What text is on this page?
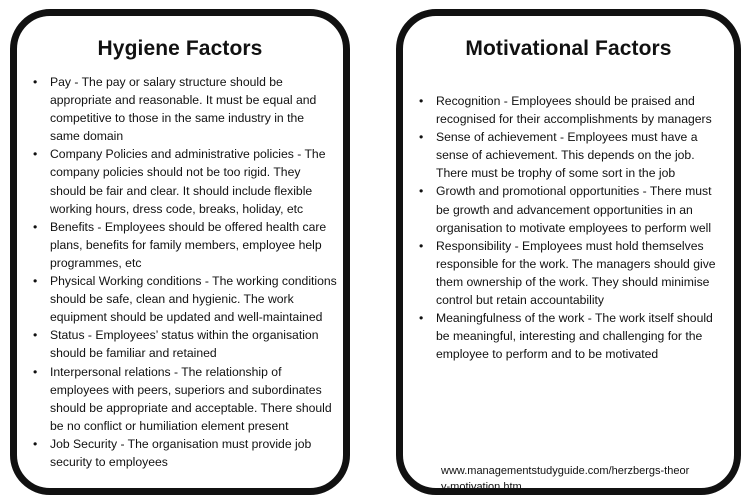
Hygiene Factors
• Pay - The pay or salary structure should be appropriate and reasonable. It must be equal and competitive to those in the same industry in the same domain
• Company Policies and administrative policies - The company policies should not be too rigid. They should be fair and clear. It should include flexible working hours, dress code, breaks, holiday, etc
• Benefits - Employees should be offered health care plans, benefits for family members, employee help programmes, etc
• Physical Working conditions - The working conditions should be safe, clean and hygienic. The work equipment should be updated and well-maintained
• Status - Employees’ status within the organisation should be familiar and retained
• Interpersonal relations - The relationship of employees with peers, superiors and subordinates should be appropriate and acceptable. There should be no conflict or humiliation element present
• Job Security - The organisation must provide job security to employees
Motivational Factors
• Recognition - Employees should be praised and recognised for their accomplishments by managers
• Sense of achievement - Employees must have a sense of achievement. This depends on the job. There must be trophy of some sort in the job
• Growth and promotional opportunities - There must be growth and advancement opportunities in an organisation to motivate employees to perform well
• Responsibility - Employees must hold themselves responsible for the work. The managers should give them ownership of the work. They should minimise control but retain accountability
• Meaningfulness of the work - The work itself should be meaningful, interesting and challenging for the employee to perform and to be motivated
www.managementstudyguide.com/herzbergs-theory-motivation.htm
